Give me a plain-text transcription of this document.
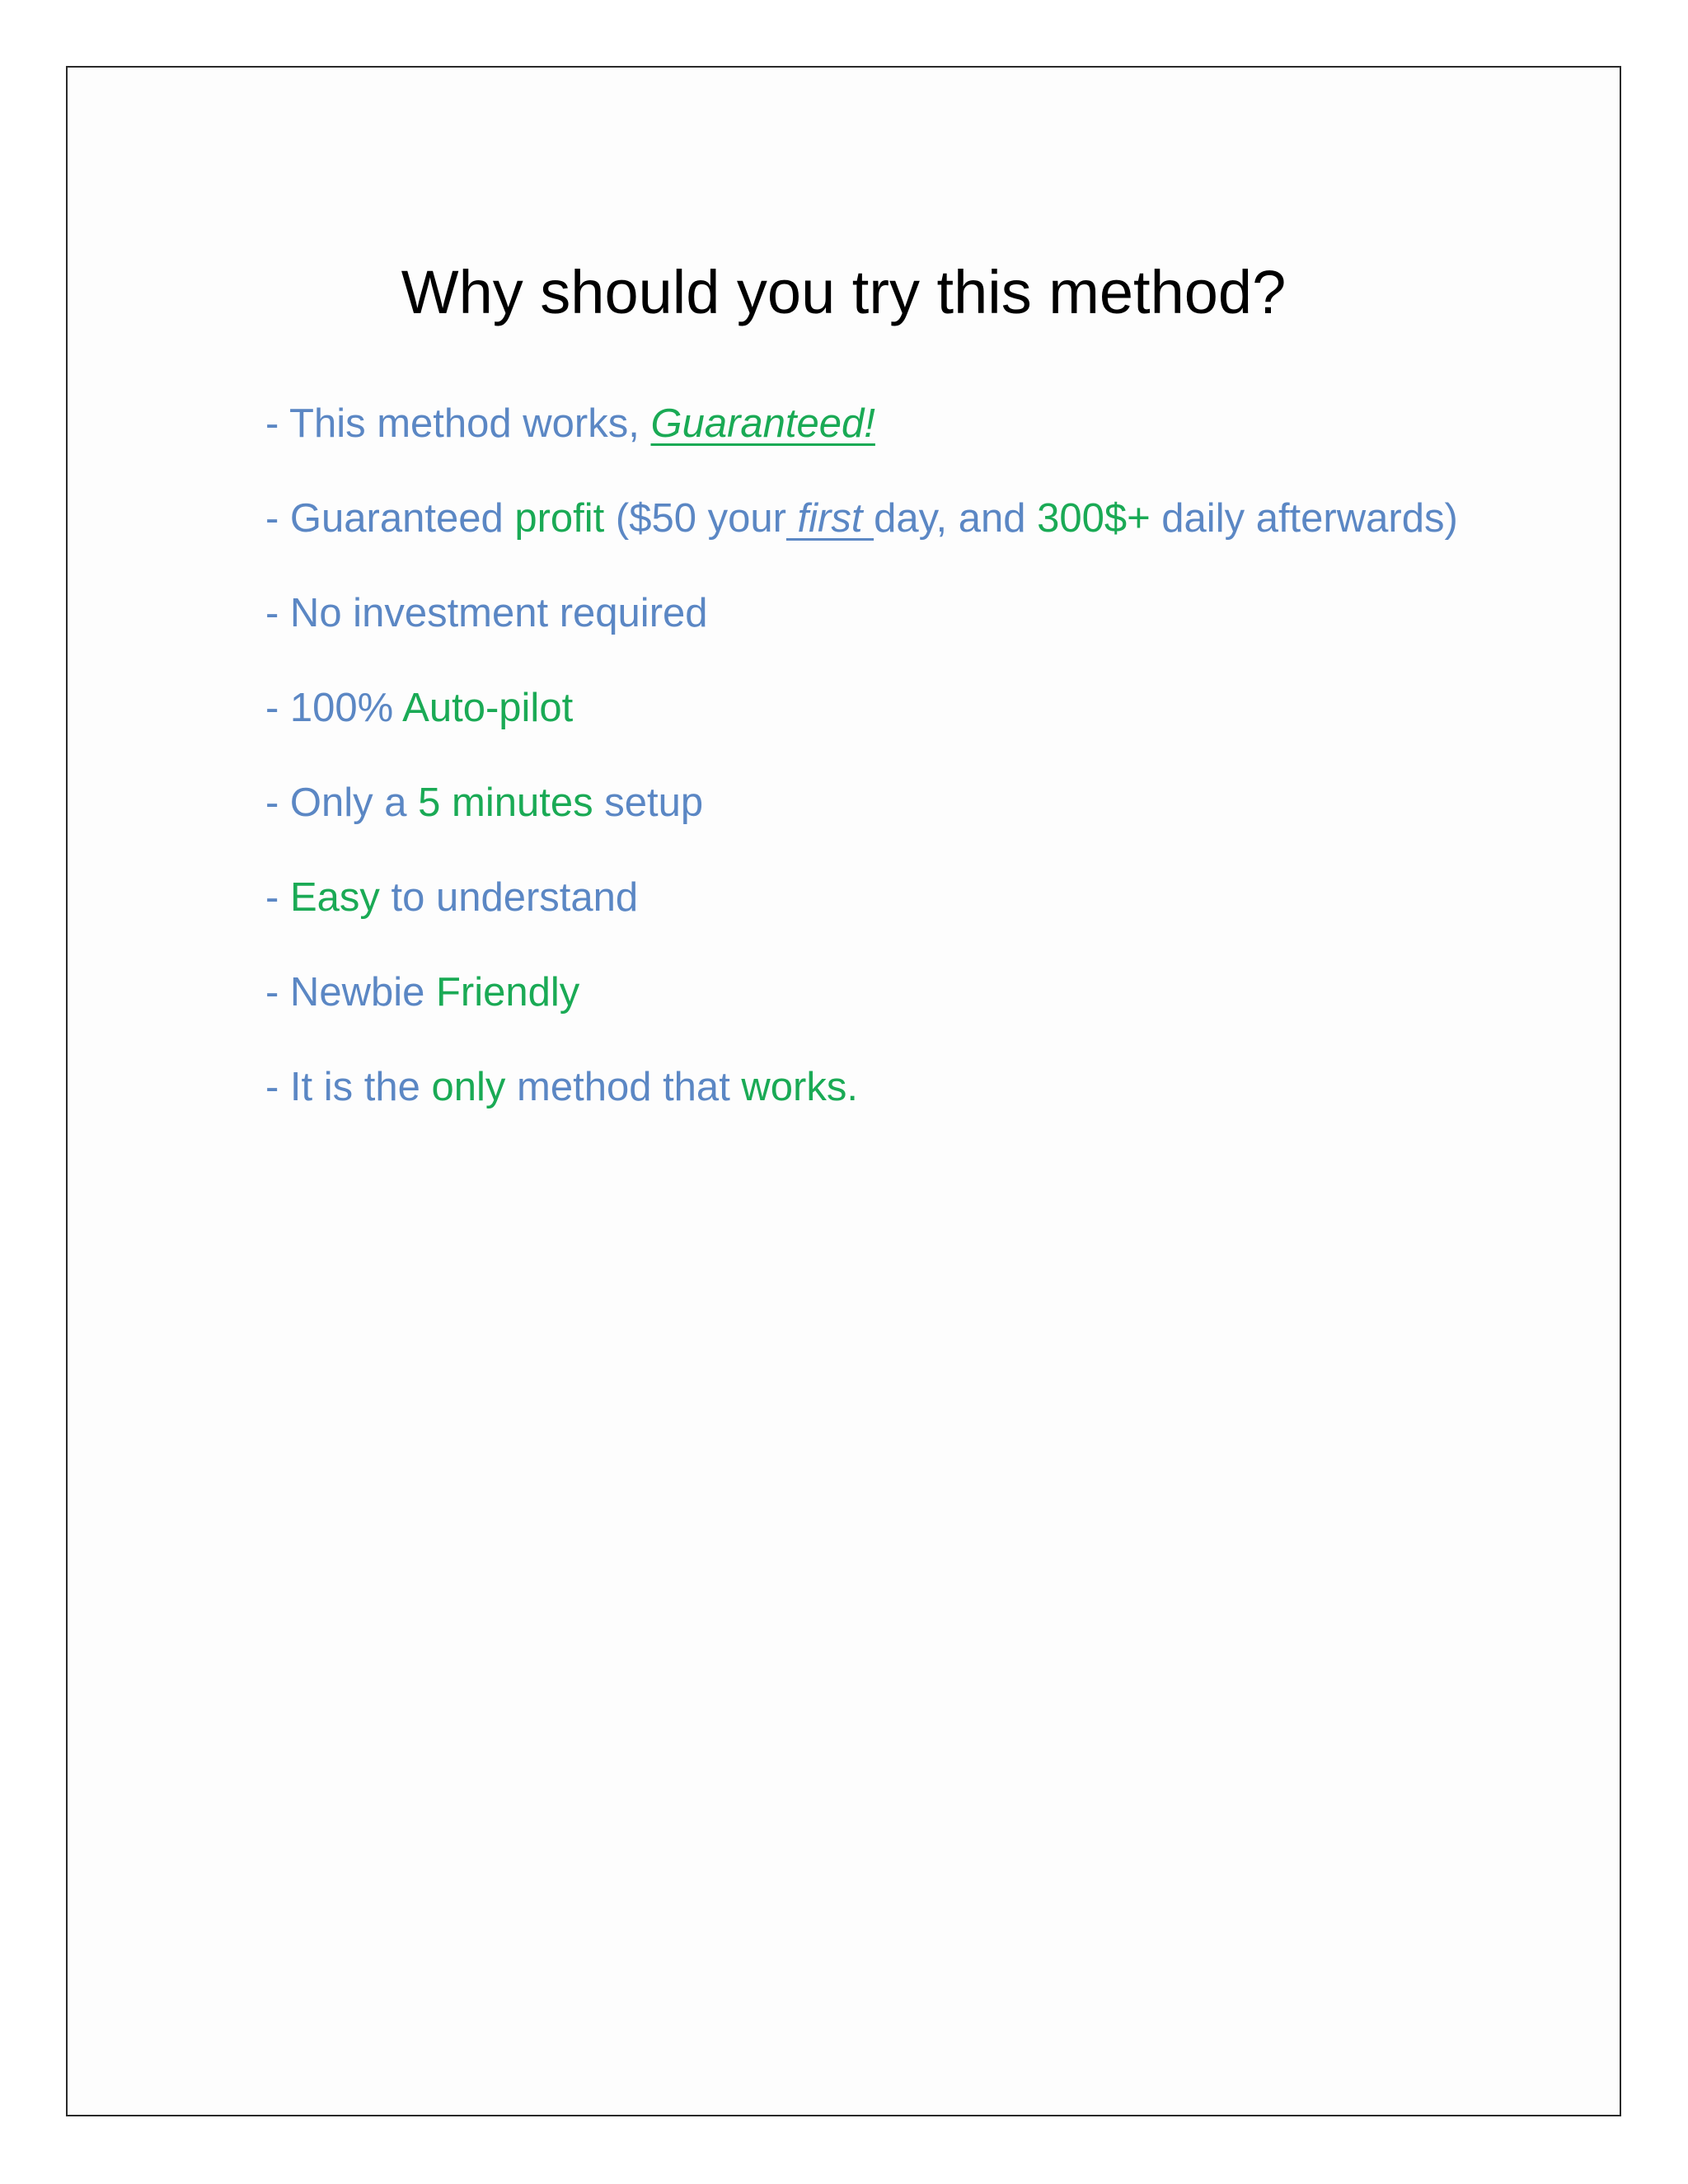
Why should you try this method?
- This method works, Guaranteed!
- Guaranteed profit ($50 your first day, and 300$+ daily afterwards)
- No investment required
- 100% Auto-pilot
- Only a 5 minutes setup
- Easy to understand
- Newbie Friendly
- It is the only method that works.
